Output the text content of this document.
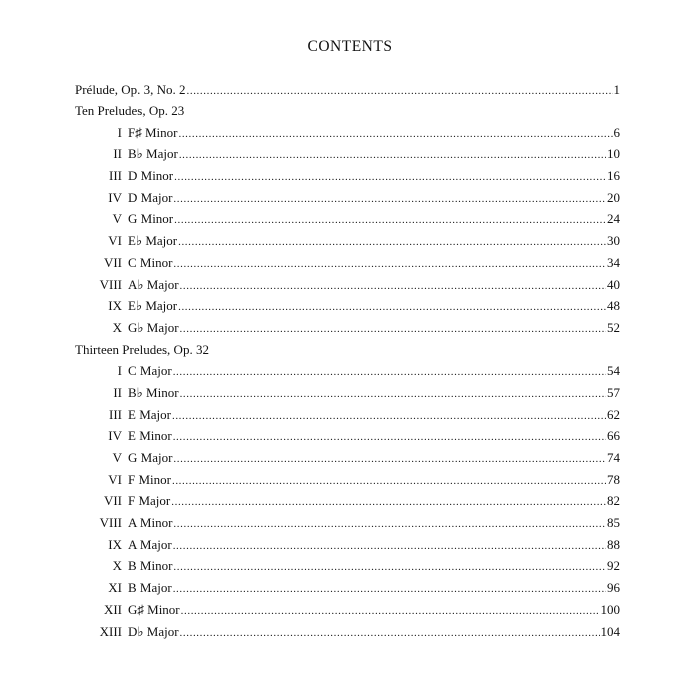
CONTENTS
Prélude, Op. 3, No. 2 .....	1
Ten Preludes, Op. 23
I F♯ Minor .....	6
II B♭ Major .....	10
III D Minor .....	16
IV D Major .....	20
V G Minor .....	24
VI E♭ Major .....	30
VII C Minor .....	34
VIII A♭ Major .....	40
IX E♭ Major .....	48
X G♭ Major .....	52
Thirteen Preludes, Op. 32
I C Major .....	54
II B♭ Minor .....	57
III E Major .....	62
IV E Minor .....	66
V G Major .....	74
VI F Minor .....	78
VII F Major .....	82
VIII A Minor .....	85
IX A Major .....	88
X B Minor .....	92
XI B Major .....	96
XII G♯ Minor .....	100
XIII D♭ Major .....	104
